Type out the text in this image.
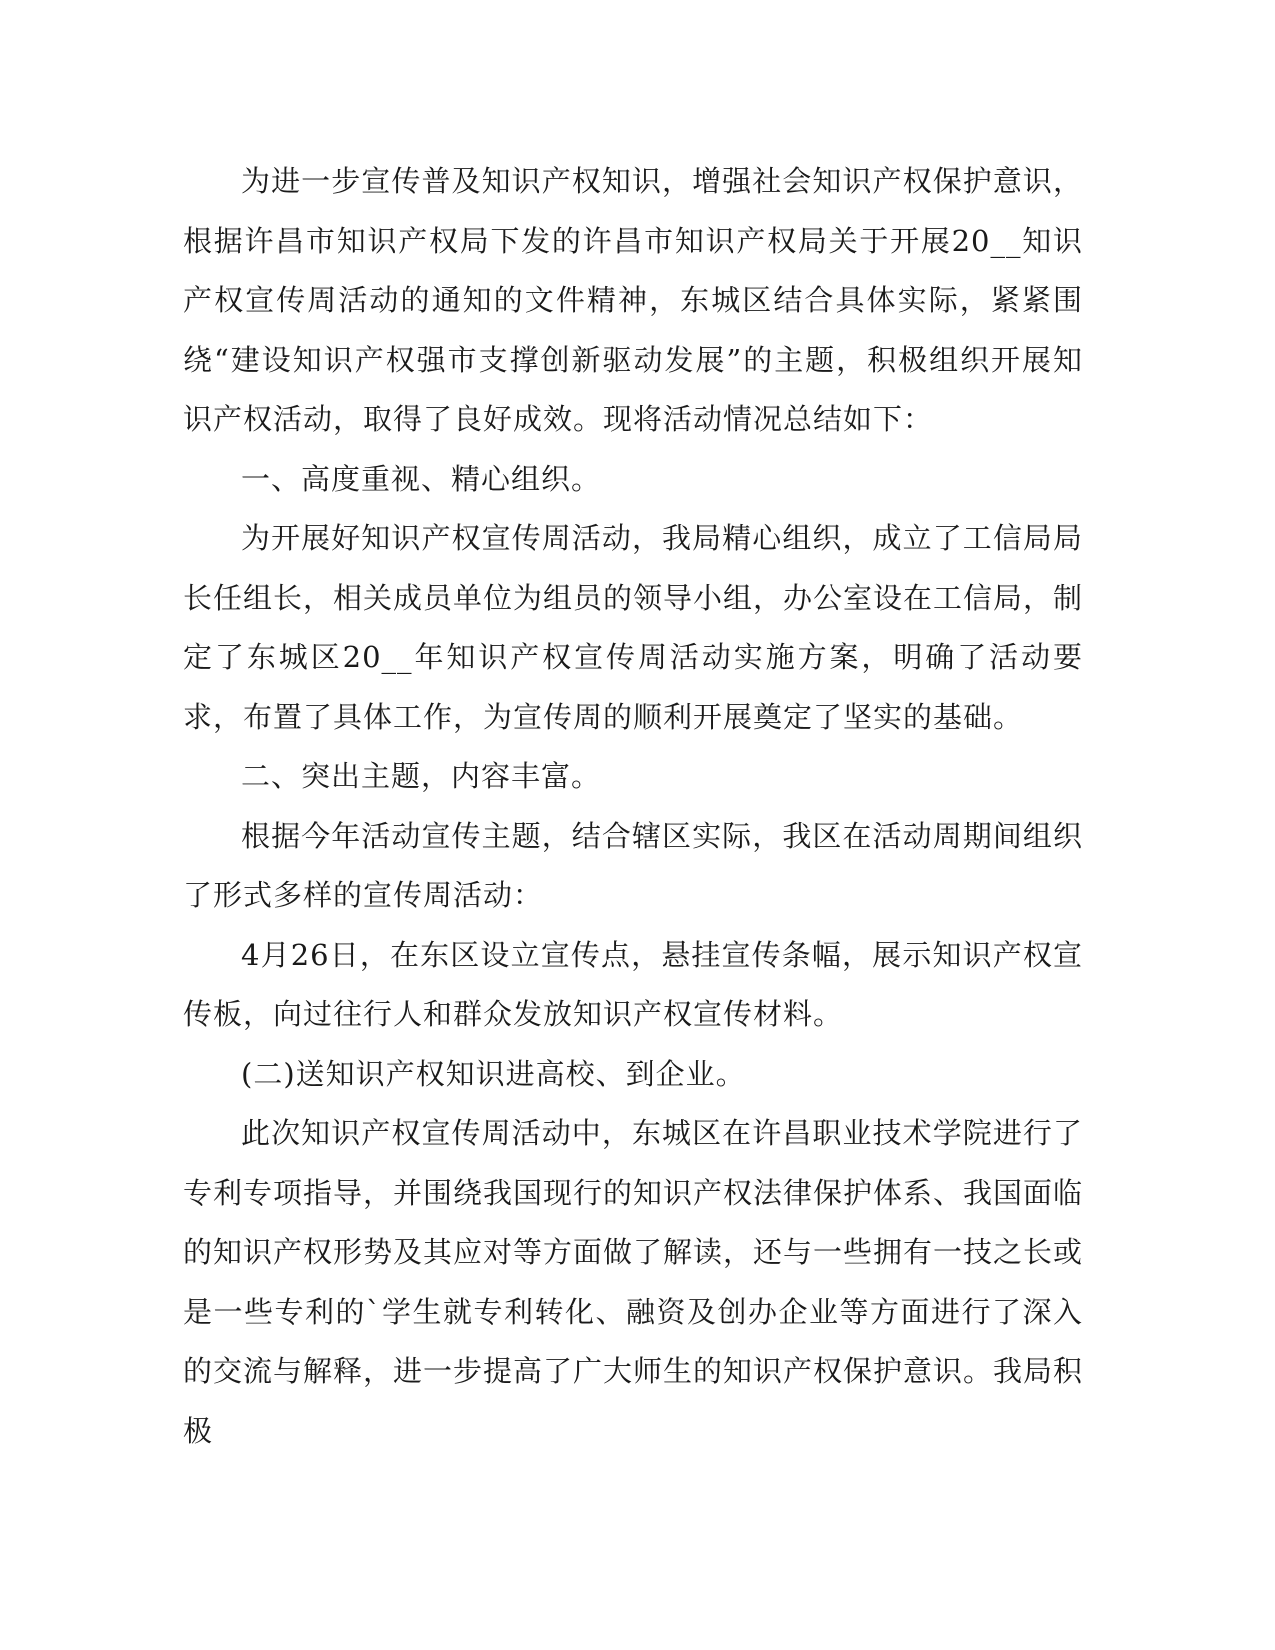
为进一步宣传普及知识产权知识，增强社会知识产权保护意识，根据许昌市知识产权局下发的许昌市知识产权局关于开展20__知识产权宣传周活动的通知的文件精神，东城区结合具体实际，紧紧围绕“建设知识产权强市支撑创新驱动发展”的主题，积极组织开展知识产权活动，取得了良好成效。现将活动情况总结如下：

一、高度重视、精心组织。

为开展好知识产权宣传周活动，我局精心组织，成立了工信局局长任组长，相关成员单位为组员的领导小组，办公室设在工信局，制定了东城区20__年知识产权宣传周活动实施方案，明确了活动要求，布置了具体工作，为宣传周的顺利开展奠定了坚实的基础。

二、突出主题，内容丰富。

根据今年活动宣传主题，结合辖区实际，我区在活动周期间组织了形式多样的宣传周活动：

4月26日，在东区设立宣传点，悬挂宣传条幅，展示知识产权宣传板，向过往行人和群众发放知识产权宣传材料。

(二)送知识产权知识进高校、到企业。

此次知识产权宣传周活动中，东城区在许昌职业技术学院进行了专利专项指导，并围绕我国现行的知识产权法律保护体系、我国面临的知识产权形势及其应对等方面做了解读，还与一些拥有一技之长或是一些专利的`学生就专利转化、融资及创办企业等方面进行了深入的交流与解释，进一步提高了广大师生的知识产权保护意识。我局积极
